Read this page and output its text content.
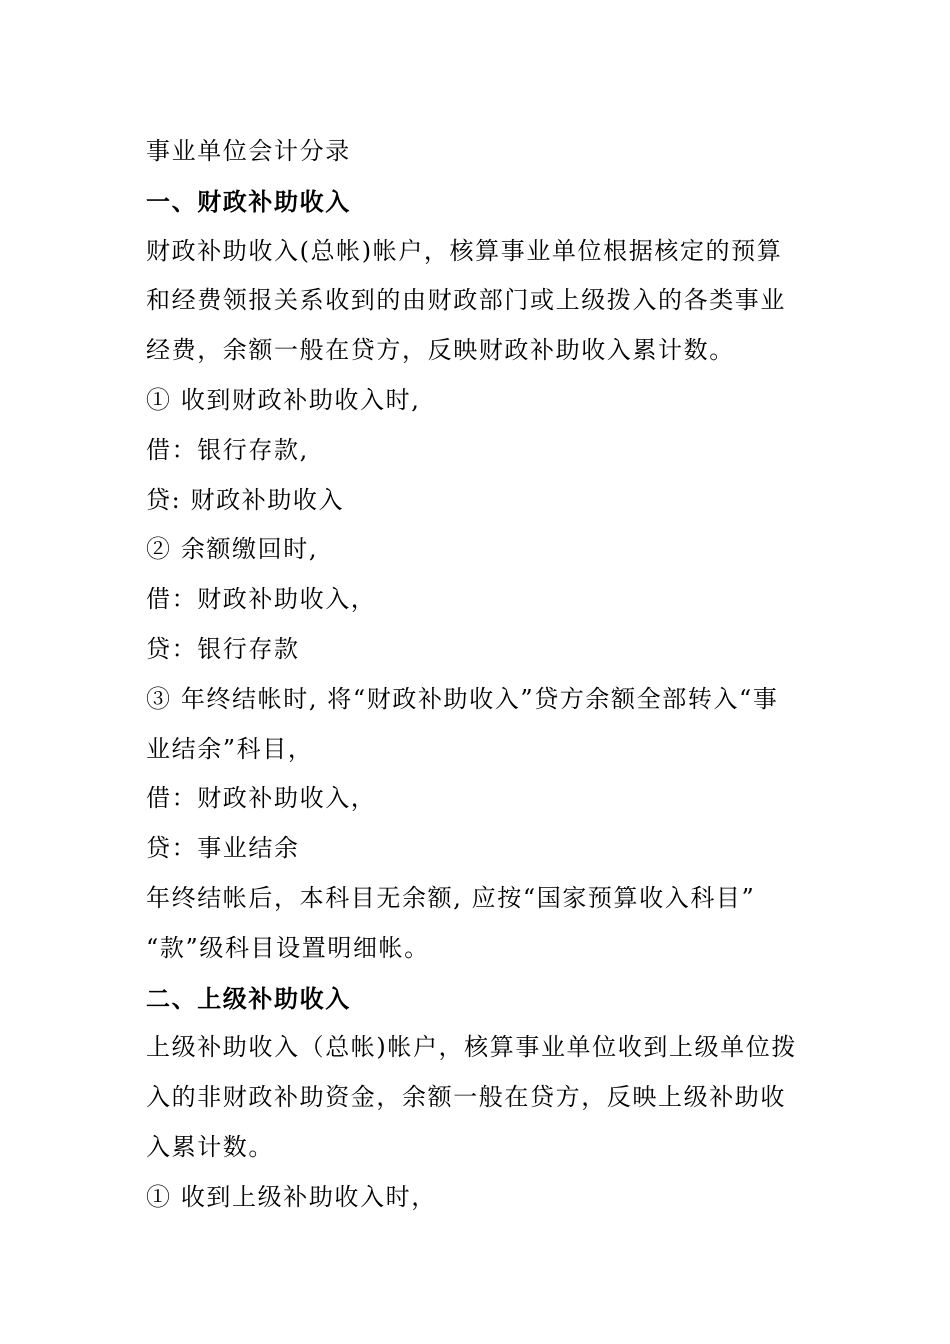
事业单位会计分录
一、财政补助收入
财政补助收入(总帐)帐户，核算事业单位根据核定的预算
和经费领报关系收到的由财政部门或上级拨入的各类事业
经费，余额一般在贷方，反映财政补助收入累计数。
① 收到财政补助收入时,
借：银行存款,
贷: 财政补助收入
② 余额缴回时,
借：财政补助收入，
贷：银行存款
③ 年终结帐时, 将“财政补助收入”贷方余额全部转入“事
业结余”科目，
借：财政补助收入，
贷：事业结余
年终结帐后，本科目无余额, 应按“国家预算收入科目”
“款”级科目设置明细帐。
二、上级补助收入
上级补助收入（总帐)帐户，核算事业单位收到上级单位拨
入的非财政补助资金，余额一般在贷方，反映上级补助收
入累计数。
① 收到上级补助收入时，
